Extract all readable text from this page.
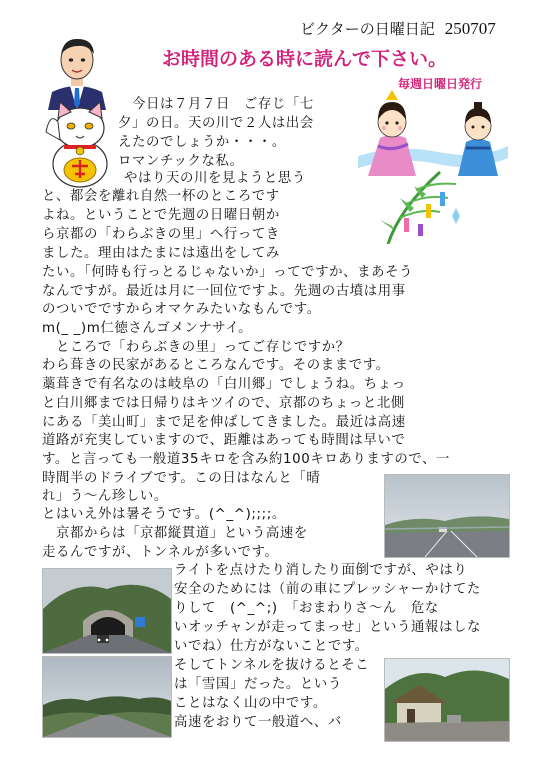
ビクターの日曜日記 250707
お時間のある時に読んで下さい。
毎週日曜日発行
今日は７月７日　ご存じ「七
夕」の日。天の川で２人は出会
えたのでしょうか・・・。
ロマンチックな私。
やはり天の川を見ようと思う
と、都会を離れ自然一杯のところです
よね。ということで先週の日曜日朝か
ら京都の「わらぶきの里」へ行ってき
ました。理由はたまには遠出をしてみ
たい。「何時も行っとるじゃないか」ってですか、まあそう
なんですが。最近は月に一回位ですよ。先週の古墳は用事
のついでですからオマケみたいなもんです。
m(_ _)m仁徳さんゴメンナサイ。
ところで「わらぶきの里」ってご存じですか？
わら葺きの民家があるところなんです。そのままです。
藁葺きで有名なのは岐阜の「白川郷」でしょうね。ちょっ
と白川郷までは日帰りはキツイので、京都のちょっと北側
にある「美山町」まで足を伸ばしてきました。最近は高速
道路が充実していますので、距離はあっても時間は早いで
す。と言っても一般道35キロを含み約100キロありますので、一
時間半のドライブです。この日はなんと「晴
れ」う～ん珍しい。
とはいえ外は暑そうです。(^_^);;;;。
京都からは「京都縦貫道」という高速を
走るんですが、トンネルが多いです。
ライトを点けたり消したり面倒ですが、やはり
安全のためには（前の車にプレッシャーかけてた
りして　(^_^;)　「おまわりさ～ん　危な
いオッチャンが走ってまっせ」という通報はしな
いでね）仕方がないことです。
そしてトンネルを抜けるとそこ
は「雪国」だった。という
ことはなく山の中です。
高速をおりて一般道へ、バ
